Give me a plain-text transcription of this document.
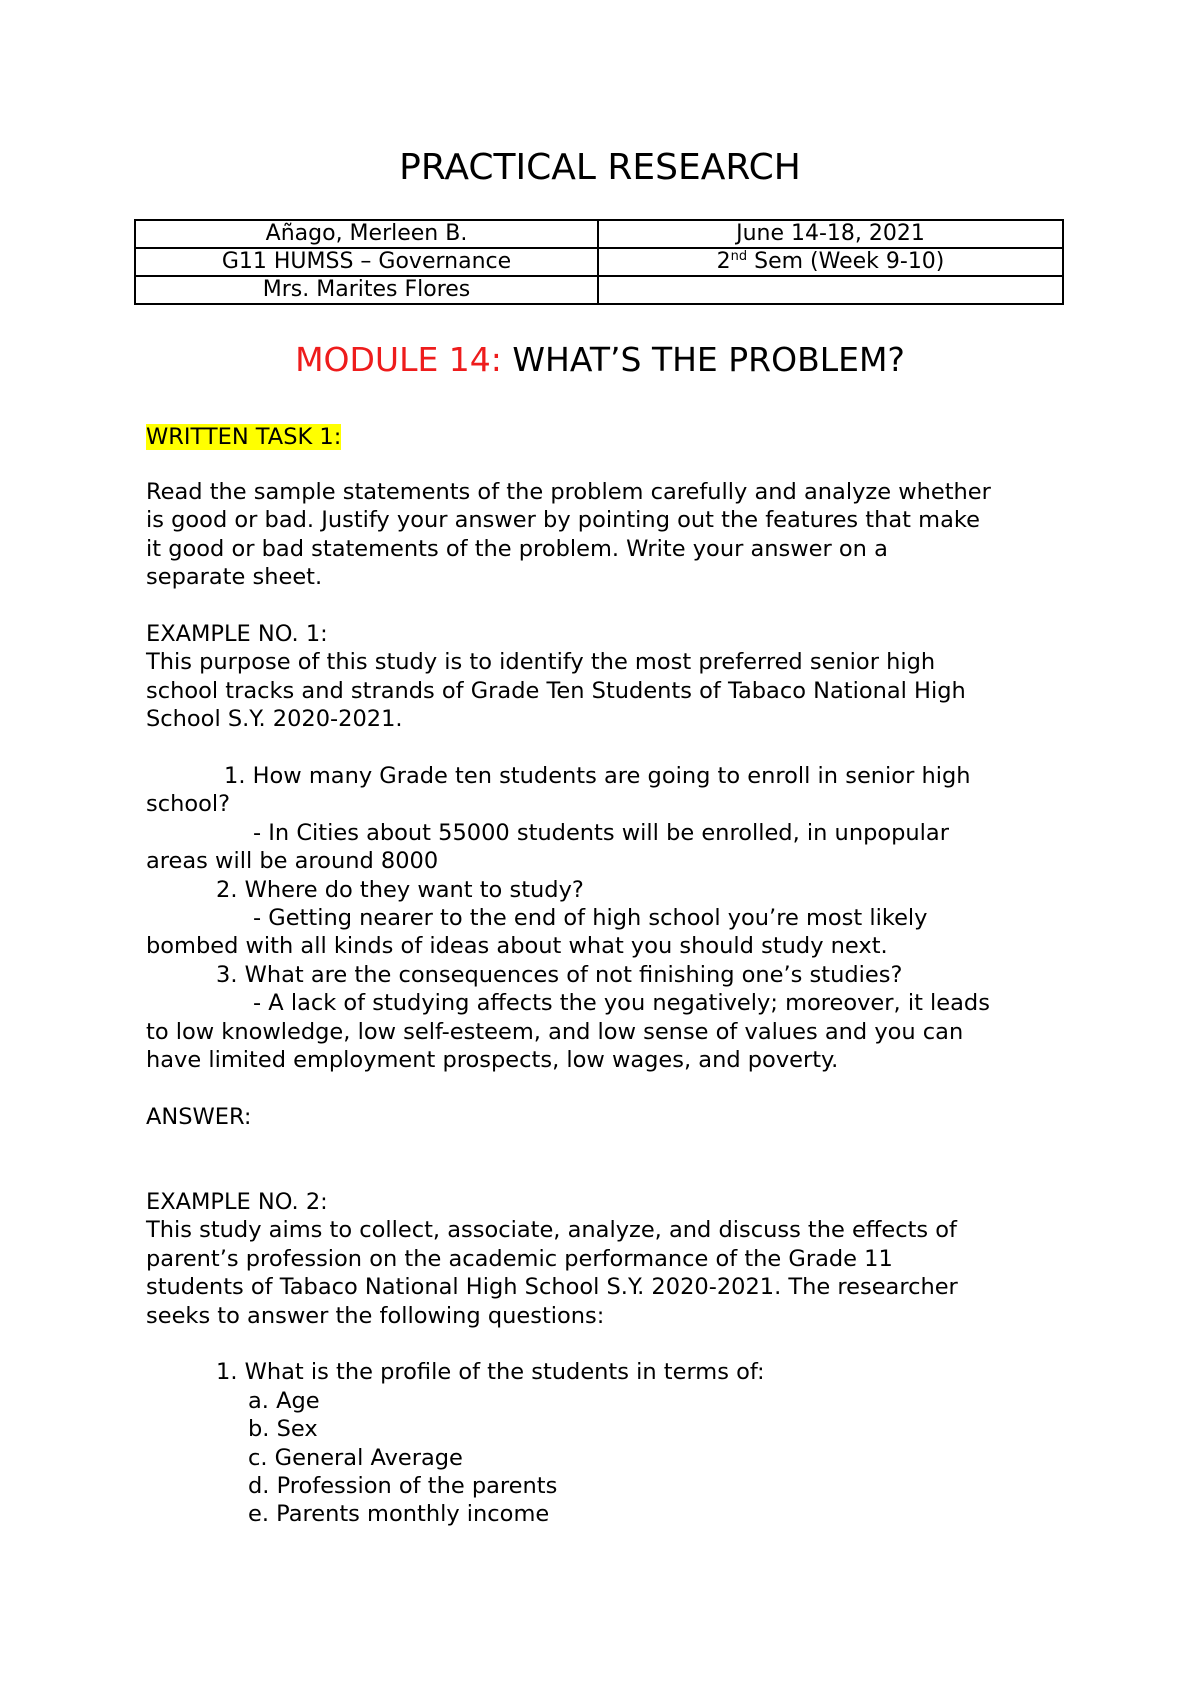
PRACTICAL RESEARCH
Añago, Merleen B.	June 14-18, 2021
G11 HUMSS – Governance	2nd Sem (Week 9-10)
Mrs. Marites Flores	
MODULE 14: WHAT’S THE PROBLEM?
WRITTEN TASK 1:
Read the sample statements of the problem carefully and analyze whether
is good or bad. Justify your answer by pointing out the features that make
it good or bad statements of the problem. Write your answer on a
separate sheet.
EXAMPLE NO. 1:
This purpose of this study is to identify the most preferred senior high
school tracks and strands of Grade Ten Students of Tabaco National High
School S.Y. 2020-2021.
1. How many Grade ten students are going to enroll in senior high
school?
- In Cities about 55000 students will be enrolled, in unpopular
areas will be around 8000
2. Where do they want to study?
- Getting nearer to the end of high school you’re most likely
bombed with all kinds of ideas about what you should study next.
3. What are the consequences of not finishing one’s studies?
- A lack of studying affects the you negatively; moreover, it leads
to low knowledge, low self-esteem, and low sense of values and you can
have limited employment prospects, low wages, and poverty.
ANSWER:
EXAMPLE NO. 2:
This study aims to collect, associate, analyze, and discuss the effects of
parent’s profession on the academic performance of the Grade 11
students of Tabaco National High School S.Y. 2020-2021. The researcher
seeks to answer the following questions:
1. What is the profile of the students in terms of:
a. Age
b. Sex
c. General Average
d. Profession of the parents
e. Parents monthly income
